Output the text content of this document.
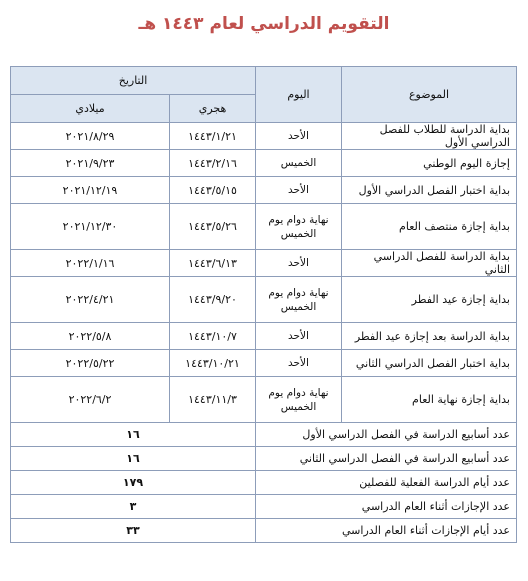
التقويم الدراسي لعام ١٤٤٣ هـ
الموضوع	اليوم	التاريخ	
		هجري	ميلادي
بداية الدراسة للطلاب للفصل الدراسي الأول	الأحد	١٤٤٣/١/٢١	٢٠٢١/٨/٢٩
إجازة اليوم الوطني	الخميس	١٤٤٣/٢/١٦	٢٠٢١/٩/٢٣
بداية اختبار الفصل الدراسي الأول	الأحد	١٤٤٣/٥/١٥	٢٠٢١/١٢/١٩
بداية إجازة منتصف العام	نهاية دوام يوم الخميس	١٤٤٣/٥/٢٦	٢٠٢١/١٢/٣٠
بداية الدراسة للفصل الدراسي الثاني	الأحد	١٤٤٣/٦/١٣	٢٠٢٢/١/١٦
بداية إجازة عيد الفطر	نهاية دوام يوم الخميس	١٤٤٣/٩/٢٠	٢٠٢٢/٤/٢١
بداية الدراسة بعد إجازة عيد الفطر	الأحد	١٤٤٣/١٠/٧	٢٠٢٢/٥/٨
بداية اختبار الفصل الدراسي الثاني	الأحد	١٤٤٣/١٠/٢١	٢٠٢٢/٥/٢٢
بداية إجازة نهاية العام	نهاية دوام يوم الخميس	١٤٤٣/١١/٣	٢٠٢٢/٦/٢
عدد أسابيع الدراسة في الفصل الدراسي الأول		١٦	
عدد أسابيع الدراسة في الفصل الدراسي الثاني		١٦	
عدد أيام الدراسة الفعلية للفصلين		١٧٩	
عدد الإجازات أثناء العام الدراسي		٣	
عدد أيام الإجازات أثناء العام الدراسي		٣٣	
